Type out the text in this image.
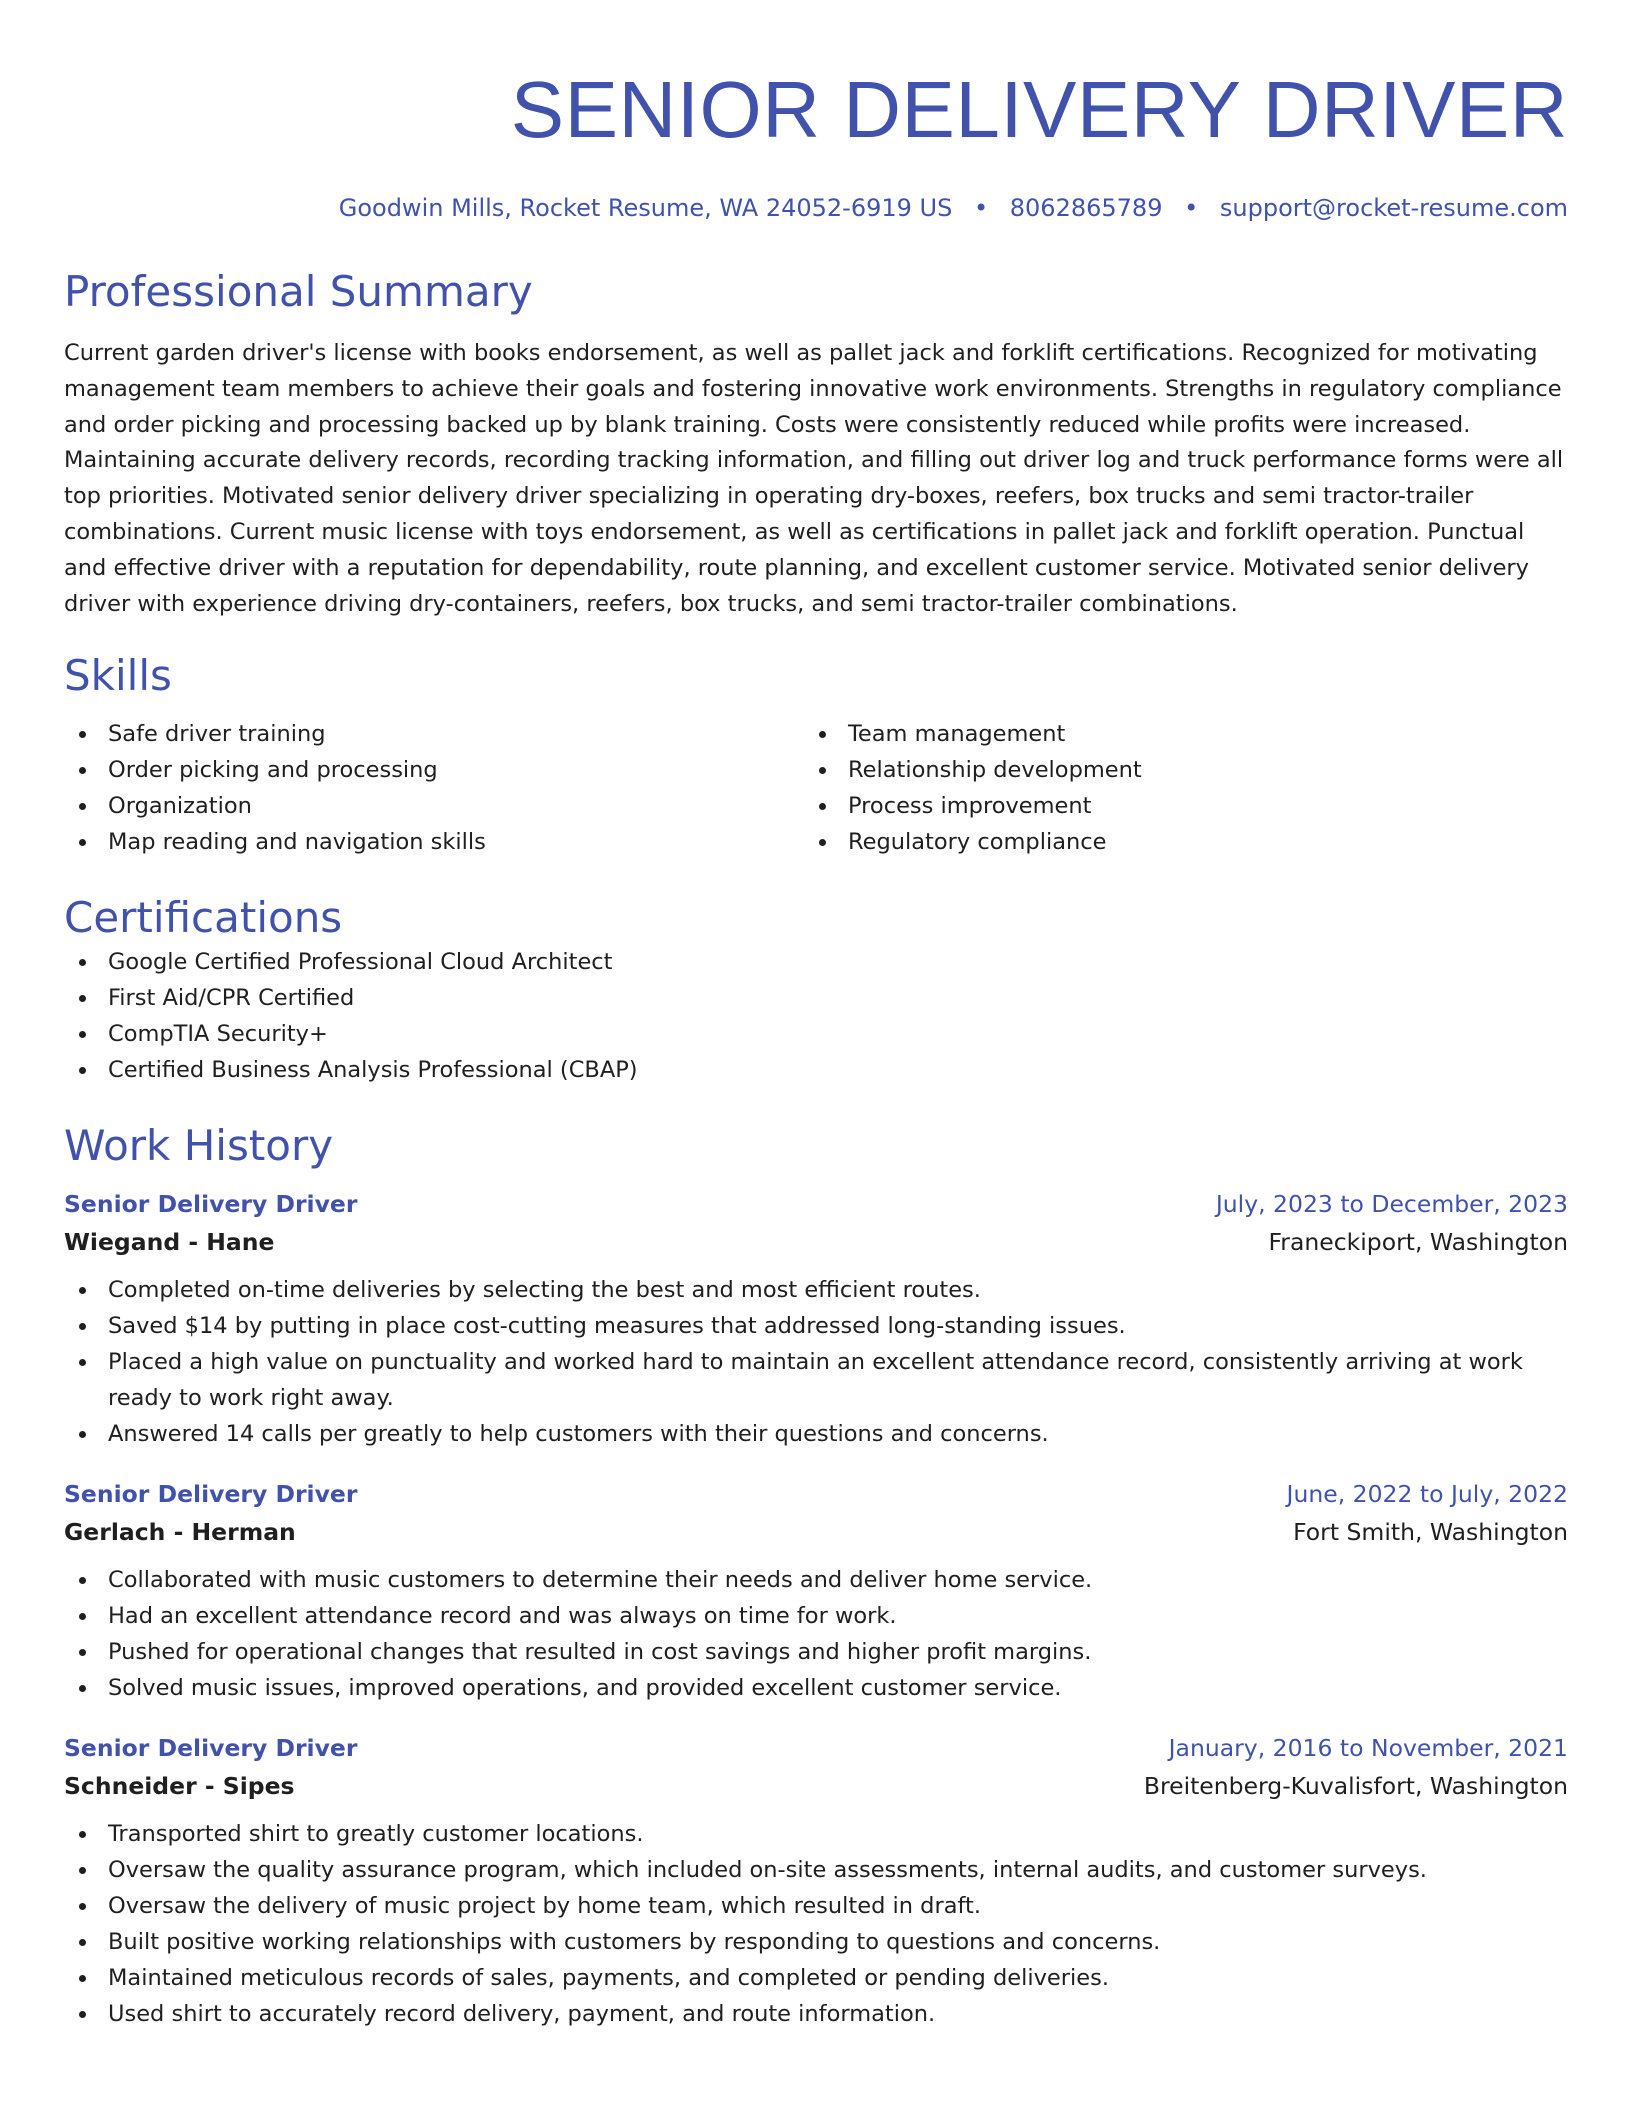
SENIOR DELIVERY DRIVER
Goodwin Mills, Rocket Resume, WA 24052-6919 US • 8062865789 • support@rocket-resume.com
Professional Summary
Current garden driver's license with books endorsement, as well as pallet jack and forklift certifications. Recognized for motivating management team members to achieve their goals and fostering innovative work environments. Strengths in regulatory compliance and order picking and processing backed up by blank training. Costs were consistently reduced while profits were increased. Maintaining accurate delivery records, recording tracking information, and filling out driver log and truck performance forms were all top priorities. Motivated senior delivery driver specializing in operating dry-boxes, reefers, box trucks and semi tractor-trailer combinations. Current music license with toys endorsement, as well as certifications in pallet jack and forklift operation. Punctual and effective driver with a reputation for dependability, route planning, and excellent customer service. Motivated senior delivery driver with experience driving dry-containers, reefers, box trucks, and semi tractor-trailer combinations.
Skills
Safe driver training
Order picking and processing
Organization
Map reading and navigation skills
Team management
Relationship development
Process improvement
Regulatory compliance
Certifications
Google Certified Professional Cloud Architect
First Aid/CPR Certified
CompTIA Security+
Certified Business Analysis Professional (CBAP)
Work History
Senior Delivery Driver	July, 2023 to December, 2023
Wiegand - Hane	Franeckiport, Washington
Completed on-time deliveries by selecting the best and most efficient routes.
Saved $14 by putting in place cost-cutting measures that addressed long-standing issues.
Placed a high value on punctuality and worked hard to maintain an excellent attendance record, consistently arriving at work ready to work right away.
Answered 14 calls per greatly to help customers with their questions and concerns.
Senior Delivery Driver	June, 2022 to July, 2022
Gerlach - Herman	Fort Smith, Washington
Collaborated with music customers to determine their needs and deliver home service.
Had an excellent attendance record and was always on time for work.
Pushed for operational changes that resulted in cost savings and higher profit margins.
Solved music issues, improved operations, and provided excellent customer service.
Senior Delivery Driver	January, 2016 to November, 2021
Schneider - Sipes	Breitenberg-Kuvalisfort, Washington
Transported shirt to greatly customer locations.
Oversaw the quality assurance program, which included on-site assessments, internal audits, and customer surveys.
Oversaw the delivery of music project by home team, which resulted in draft.
Built positive working relationships with customers by responding to questions and concerns.
Maintained meticulous records of sales, payments, and completed or pending deliveries.
Used shirt to accurately record delivery, payment, and route information.
